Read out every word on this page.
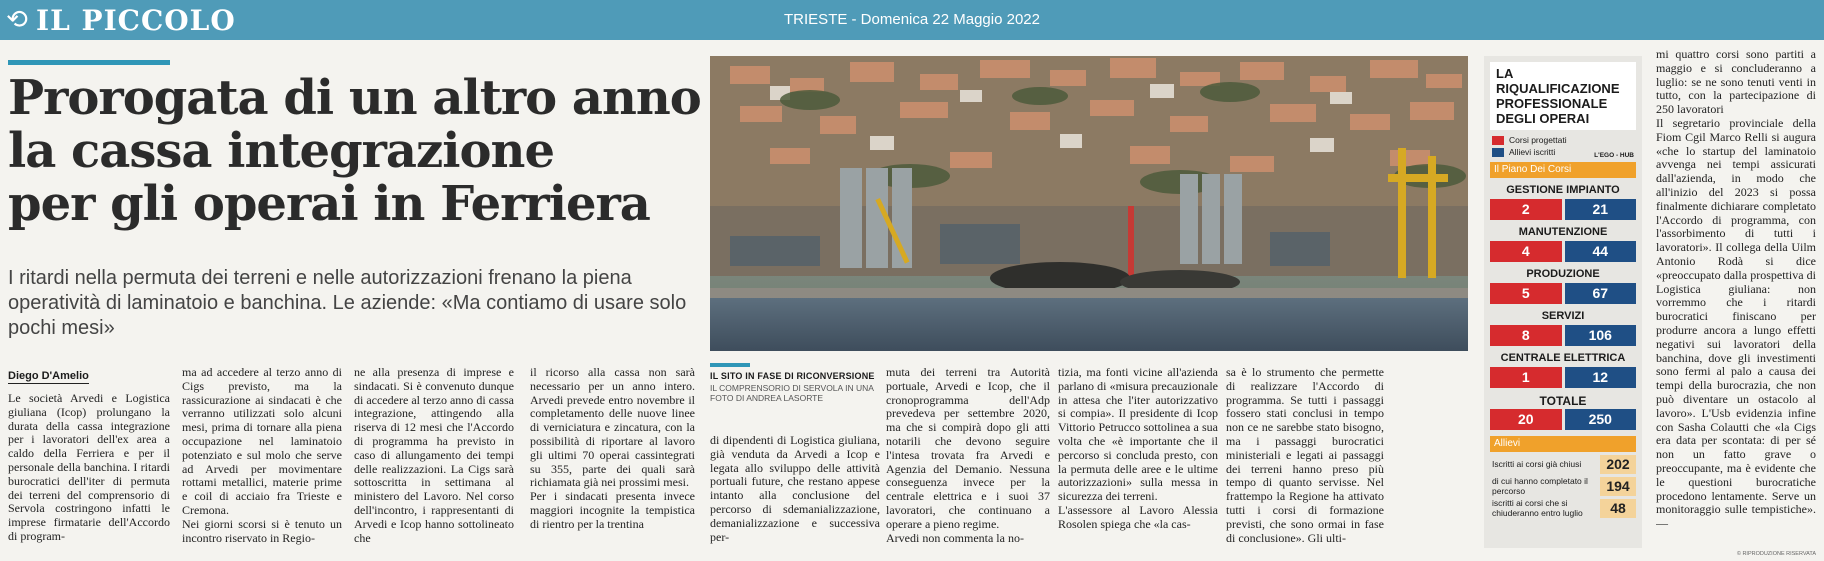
⟲ IL PICCOLO	TRIESTE - Domenica 22 Maggio 2022
Prorogata di un altro anno
la cassa integrazione
per gli operai in Ferriera
I ritardi nella permuta dei terreni e nelle autorizzazioni frenano la piena operatività di laminatoio e banchina. Le aziende: «Ma contiamo di usare solo pochi mesi»
IL SITO IN FASE DI RICONVERSIONE
IL COMPRENSORIO DI SERVOLA IN UNA FOTO DI ANDREA LASORTE
Diego D'Amelio
Le società Arvedi e Logistica giuliana (Icop) prolungano la durata della cassa integrazione per i lavoratori dell'ex area a caldo della Ferriera e per il personale della banchina. I ritardi burocratici dell'iter di permuta dei terreni del comprensorio di Servola costringono infatti le imprese firmatarie dell'Accordo di program-
ma ad accedere al terzo anno di Cigs previsto, ma la rassicurazione ai sindacati è che verranno utilizzati solo alcuni mesi, prima di tornare alla piena occupazione nel laminatoio potenziato e sul molo che serve ad Arvedi per movimentare rottami metallici, materie prime e coil di acciaio fra Trieste e Cremona.
Nei giorni scorsi si è tenuto un incontro riservato in Regio-
ne alla presenza di imprese e sindacati. Si è convenuto dunque di accedere al terzo anno di cassa integrazione, attingendo alla riserva di 12 mesi che l'Accordo di programma ha previsto in caso di allungamento dei tempi delle realizzazioni. La Cigs sarà sottoscritta in settimana al ministero del Lavoro. Nel corso dell'incontro, i rappresentanti di Arvedi e Icop hanno sottolineato che
il ricorso alla cassa non sarà necessario per un anno intero. Arvedi prevede entro novembre il completamento delle nuove linee di verniciatura e zincatura, con la possibilità di riportare al lavoro gli ultimi 70 operai cassintegrati su 355, parte dei quali sarà richiamata già nei prossimi mesi.
Per i sindacati presenta invece maggiori incognite la tempistica di rientro per la trentina
di dipendenti di Logistica giuliana, già venduta da Arvedi a Icop e legata allo sviluppo delle attività portuali future, che restano appese intanto alla conclusione del percorso di sdemanializzazione, demanializzazione e successiva per-
muta dei terreni tra Autorità portuale, Arvedi e Icop, che il cronoprogramma dell'Adp prevedeva per settembre 2020, ma che si compirà dopo gli atti notarili che devono seguire l'intesa trovata fra Arvedi e Agenzia del Demanio. Nessuna conseguenza invece per la centrale elettrica e i suoi 37 lavoratori, che continuano a operare a pieno regime.
Arvedi non commenta la no-
tizia, ma fonti vicine all'azienda parlano di «misura precauzionale in attesa che l'iter autorizzativo si compia». Il presidente di Icop Vittorio Petrucco sottolinea a sua volta che «è importante che il percorso si concluda presto, con la permuta delle aree e le ultime autorizzazioni» sulla messa in sicurezza dei terreni.
L'assessore al Lavoro Alessia Rosolen spiega che «la cas-
sa è lo strumento che permette di realizzare l'Accordo di programma. Se tutti i passaggi fossero stati conclusi in tempo non ce ne sarebbe stato bisogno, ma i passaggi burocratici ministeriali e legati ai passaggi dei terreni hanno preso più tempo di quanto servisse. Nel frattempo la Regione ha attivato tutti i corsi di formazione previsti, che sono ormai in fase di conclusione». Gli ulti-
mi quattro corsi sono partiti a maggio e si concluderanno a luglio: se ne sono tenuti venti in tutto, con la partecipazione di 250 lavoratori
Il segretario provinciale della Fiom Cgil Marco Relli si augura «che lo startup del laminatoio avvenga nei tempi assicurati dall'azienda, in modo che all'inizio del 2023 si possa finalmente dichiarare completato l'Accordo di programma, con l'assorbimento di tutti i lavoratori». Il collega della Uilm Antonio Rodà si dice «preoccupato dalla prospettiva di Logistica giuliana: non vorremmo che i ritardi burocratici finiscano per produrre ancora a lungo effetti negativi sui lavoratori della banchina, dove gli investimenti sono fermi al palo a causa dei tempi della burocrazia, che non può diventare un ostacolo al lavoro». L'Usb evidenzia infine con Sasha Colautti che «la Cigs era data per scontata: di per sé non un fatto grave o preoccupante, ma è evidente che le questioni burocratiche procedono lentamente. Serve un monitoraggio sulle tempistiche».—
LA RIQUALIFICAZIONE PROFESSIONALE DEGLI OPERAI
Corsi progettati
Allievi iscritti	L'EGO - HUB
Il Piano Dei Corsi
GESTIONE IMPIANTO
2	21
MANUTENZIONE
4	44
PRODUZIONE
5	67
SERVIZI
8	106
CENTRALE ELETTRICA
1	12
TOTALE
20	250
Allievi
Iscritti ai corsi già chiusi	202
di cui hanno completato il percorso	194
iscritti ai corsi che si chiuderanno entro luglio	48
© RIPRODUZIONE RISERVATA
